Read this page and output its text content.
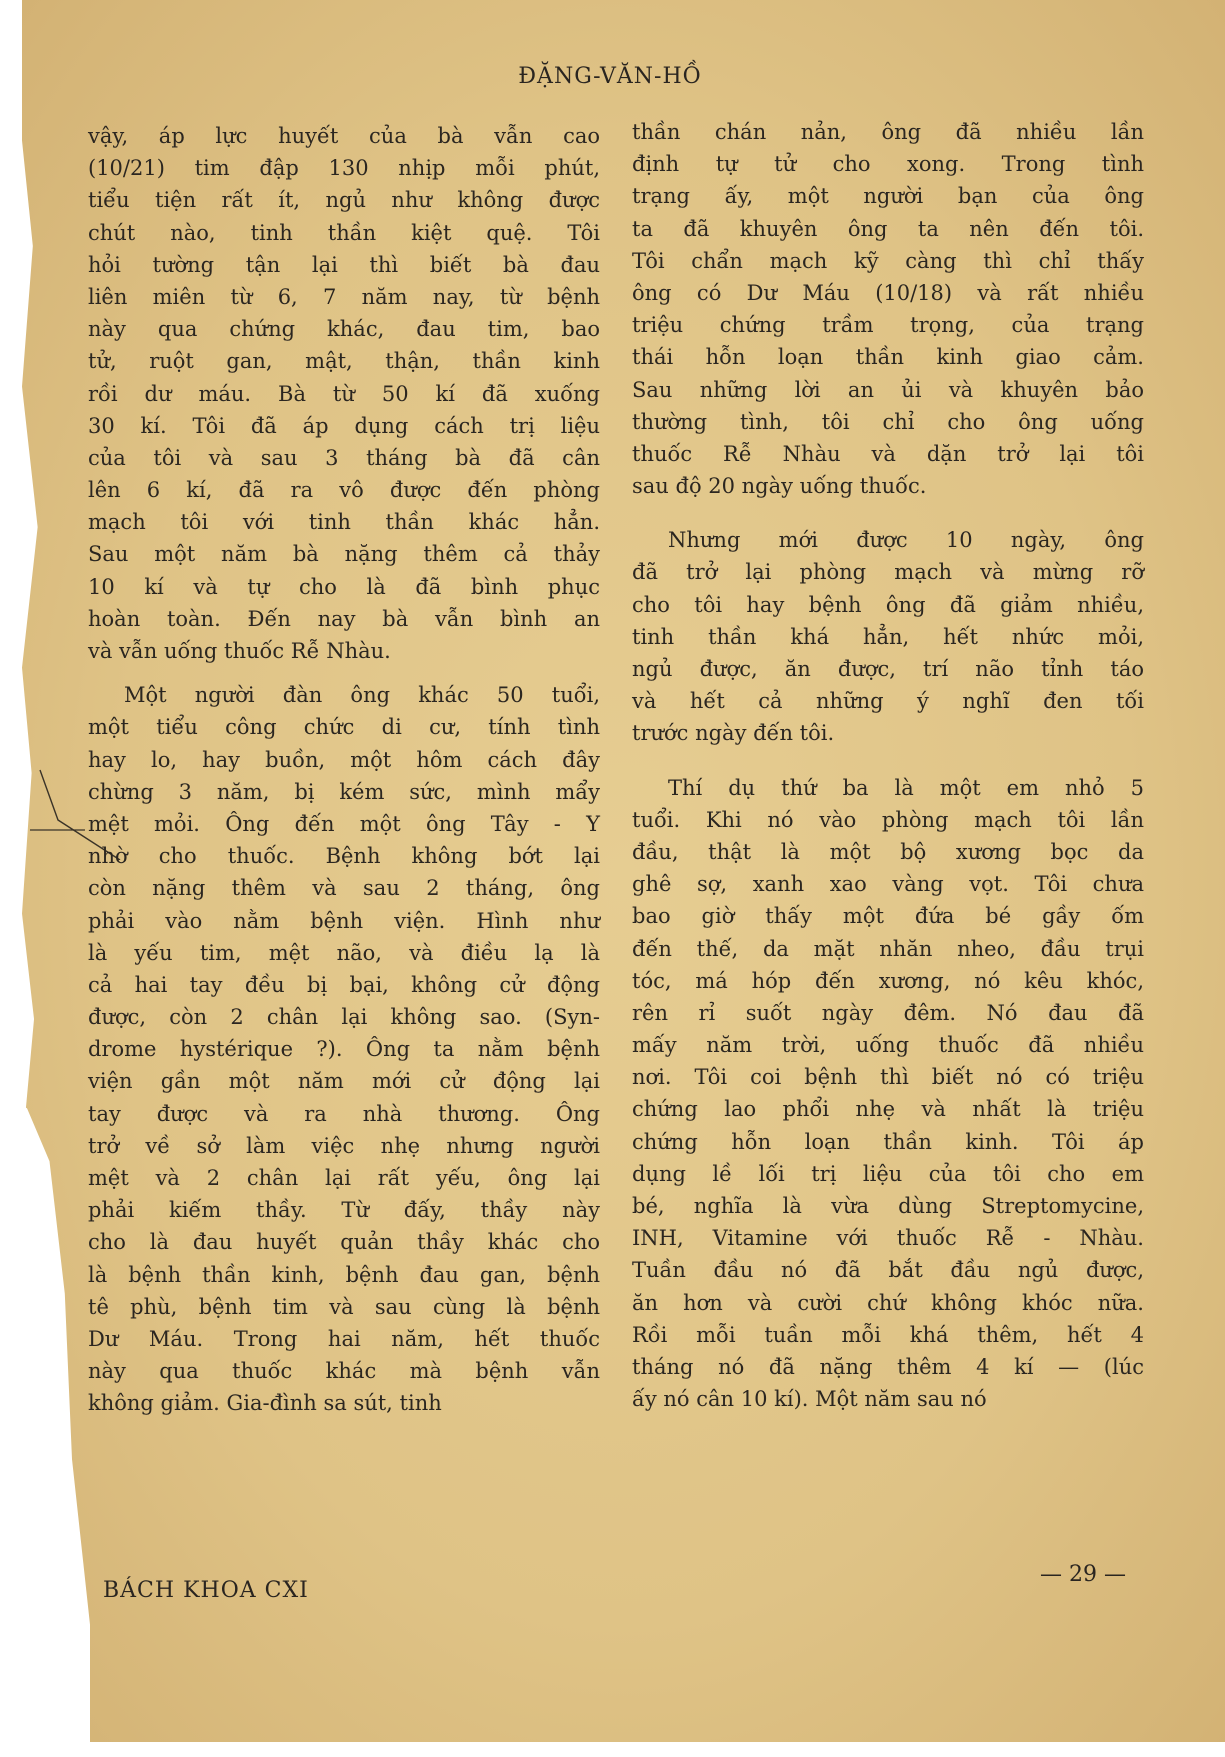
ĐẶNG-VĂN-HỒ
vậy, áp lực huyết của bà vẫn cao
(10/21) tim đập 130 nhịp mỗi phút,
tiểu tiện rất ít, ngủ như không được
chút nào, tinh thần kiệt quệ. Tôi
hỏi tường tận lại thì biết bà đau
liên miên từ 6, 7 năm nay, từ bệnh
này qua chứng khác, đau tim, bao
tử, ruột gan, mật, thận, thần kinh
rồi dư máu. Bà từ 50 kí đã xuống
30 kí. Tôi đã áp dụng cách trị liệu
của tôi và sau 3 tháng bà đã cân
lên 6 kí, đã ra vô được đến phòng
mạch tôi với tinh thần khác hẳn.
Sau một năm bà nặng thêm cả thảy
10 kí và tự cho là đã bình phục
hoàn toàn. Đến nay bà vẫn bình an
và vẫn uống thuốc Rễ Nhàu.
Một người đàn ông khác 50 tuổi,
một tiểu công chức di cư, tính tình
hay lo, hay buồn, một hôm cách đây
chừng 3 năm, bị kém sức, mình mẩy
mệt mỏi. Ông đến một ông Tây - Y
nhờ cho thuốc. Bệnh không bớt lại
còn nặng thêm và sau 2 tháng, ông
phải vào nằm bệnh viện. Hình như
là yếu tim, mệt não, và điều lạ là
cả hai tay đều bị bại, không cử động
được, còn 2 chân lại không sao. (Syn-
drome hystérique ?). Ông ta nằm bệnh
viện gần một năm mới cử động lại
tay được và ra nhà thương. Ông
trở về sở làm việc nhẹ nhưng người
mệt và 2 chân lại rất yếu, ông lại
phải kiếm thầy. Từ đấy, thầy này
cho là đau huyết quản thầy khác cho
là bệnh thần kinh, bệnh đau gan, bệnh
tê phù, bệnh tim và sau cùng là bệnh
Dư Máu. Trong hai năm, hết thuốc
này qua thuốc khác mà bệnh vẫn
không giảm. Gia-đình sa sút, tinh
thần chán nản, ông đã nhiều lần
định tự tử cho xong. Trong tình
trạng ấy, một người bạn của ông
ta đã khuyên ông ta nên đến tôi.
Tôi chẩn mạch kỹ càng thì chỉ thấy
ông có Dư Máu (10/18) và rất nhiều
triệu chứng trầm trọng, của trạng
thái hỗn loạn thần kinh giao cảm.
Sau những lời an ủi và khuyên bảo
thường tình, tôi chỉ cho ông uống
thuốc Rễ Nhàu và dặn trở lại tôi
sau độ 20 ngày uống thuốc.
Nhưng mới được 10 ngày, ông
đã trở lại phòng mạch và mừng rỡ
cho tôi hay bệnh ông đã giảm nhiều,
tinh thần khá hẳn, hết nhức mỏi,
ngủ được, ăn được, trí não tỉnh táo
và hết cả những ý nghĩ đen tối
trước ngày đến tôi.
Thí dụ thứ ba là một em nhỏ 5
tuổi. Khi nó vào phòng mạch tôi lần
đầu, thật là một bộ xương bọc da
ghê sợ, xanh xao vàng vọt. Tôi chưa
bao giờ thấy một đứa bé gầy ốm
đến thế, da mặt nhăn nheo, đầu trụi
tóc, má hóp đến xương, nó kêu khóc,
rên rỉ suốt ngày đêm. Nó đau đã
mấy năm trời, uống thuốc đã nhiều
nơi. Tôi coi bệnh thì biết nó có triệu
chứng lao phổi nhẹ và nhất là triệu
chứng hỗn loạn thần kinh. Tôi áp
dụng lề lối trị liệu của tôi cho em
bé, nghĩa là vừa dùng Streptomycine,
INH, Vitamine với thuốc Rễ - Nhàu.
Tuần đầu nó đã bắt đầu ngủ được,
ăn hơn và cười chứ không khóc nữa.
Rồi mỗi tuần mỗi khá thêm, hết 4
tháng nó đã nặng thêm 4 kí — (lúc
ấy nó cân 10 kí). Một năm sau nó
BÁCH KHOA CXI
— 29 —
